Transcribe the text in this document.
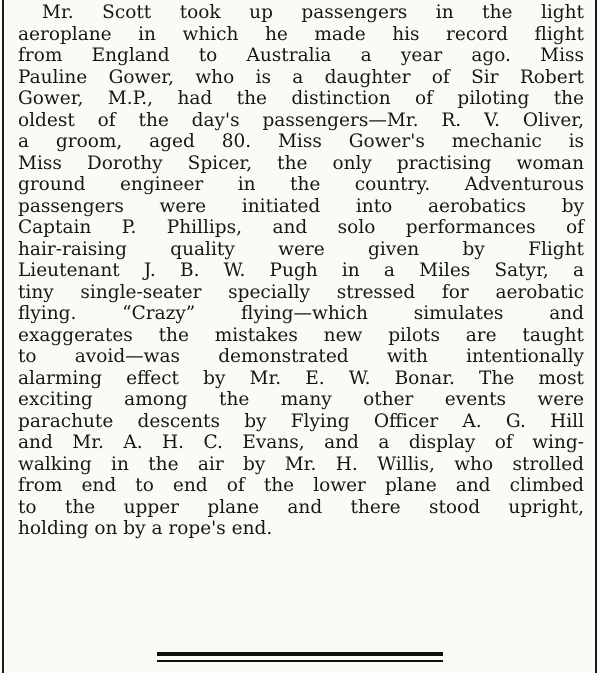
Mr. Scott took up passengers in the light
aeroplane in which he made his record flight
from England to Australia a year ago. Miss
Pauline Gower, who is a daughter of Sir Robert
Gower, M.P., had the distinction of piloting the
oldest of the day's passengers—Mr. R. V. Oliver,
a groom, aged 80. Miss Gower's mechanic is
Miss Dorothy Spicer, the only practising woman
ground engineer in the country. Adventurous
passengers were initiated into aerobatics by
Captain P. Phillips, and solo performances of
hair-raising quality were given by Flight
Lieutenant J. B. W. Pugh in a Miles Satyr, a
tiny single-seater specially stressed for aerobatic
flying. “Crazy” flying—which simulates and
exaggerates the mistakes new pilots are taught
to avoid—was demonstrated with intentionally
alarming effect by Mr. E. W. Bonar. The most
exciting among the many other events were
parachute descents by Flying Officer A. G. Hill
and Mr. A. H. C. Evans, and a display of wing-
walking in the air by Mr. H. Willis, who strolled
from end to end of the lower plane and climbed
to the upper plane and there stood upright,
holding on by a rope's end.
